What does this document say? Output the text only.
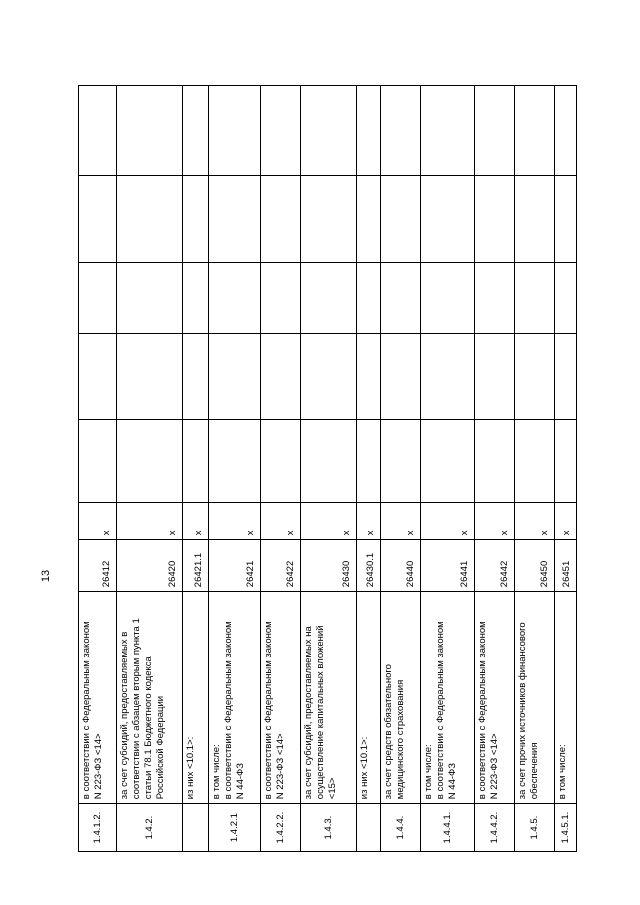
13
1.4.1.2.	в соответствии с Федеральным законом N 223-ФЗ <14>	26412	x					
1.4.2.	за счет субсидий, предоставляемых в соответствии с абзацем вторым пункта 1 статьи 78.1 Бюджетного кодекса Российской Федерации	26420	x					

	из них <10.1>:	26421.1	x					
1.4.2.1	в том числе: в соответствии с Федеральным законом N 44-ФЗ	26421	x					
1.4.2.2.	в соответствии с Федеральным законом N 223-ФЗ <14>	26422	x					
1.4.3.	за счет субсидий, предоставляемых на осуществление капитальных вложений <15>	26430	x					

	из них <10.1>:	26430.1	x					
1.4.4.	за счет средств обязательного медицинского страхования	26440	x					
1.4.4.1.	в том числе: в соответствии с Федеральным законом N 44-ФЗ	26441	x					
1.4.4.2.	в соответствии с Федеральным законом N 223-ФЗ <14>	26442	x					
1.4.5.	за счет прочих источников финансового обеспечения	26450	x					
1.4.5.1.	в том числе:	26451	x					
